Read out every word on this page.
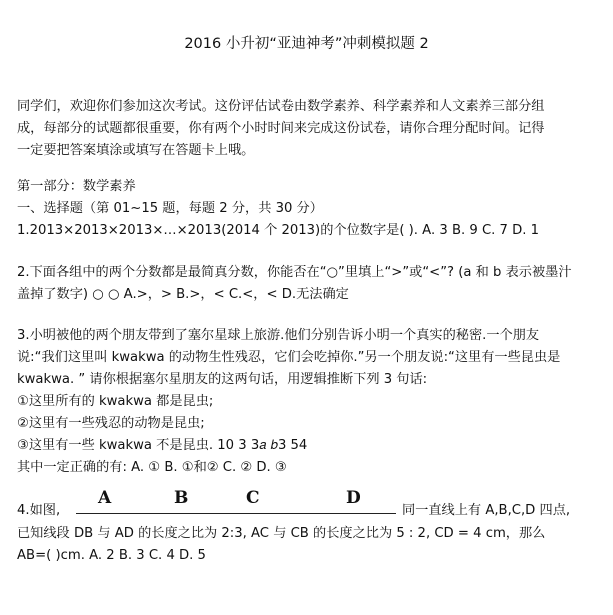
2016 小升初“亚迪神考”冲刺模拟题 2
同学们，欢迎你们参加这次考试。这份评估试卷由数学素养、科学素养和人文素养三部分组
成，每部分的试题都很重要，你有两个小时时间来完成这份试卷，请你合理分配时间。记得
一定要把答案填涂或填写在答题卡上哦。
第一部分：数学素养
一、选择题（第 01~15 题，每题 2 分，共 30 分）
1.2013×2013×2013×…×2013(2014 个 2013)的个位数字是( ). A. 3 B. 9 C. 7 D. 1
2.下面各组中的两个分数都是最简真分数，你能否在“○”里填上“>”或“<”? (a 和 b 表示被墨汁
盖掉了数字) ○ ○ A.>，> B.>，< C.<，< D.无法确定
3.小明被他的两个朋友带到了塞尔星球上旅游.他们分别告诉小明一个真实的秘密.一个朋友
说:“我们这里叫 kwakwa 的动物生性残忍，它们会吃掉你.”另一个朋友说:“这里有一些昆虫是
kwakwa. ” 请你根据塞尔星朋友的这两句话，用逻辑推断下列 3 句话:
①这里所有的 kwakwa 都是昆虫;
②这里有一些残忍的动物是昆虫;
③这里有一些 kwakwa 不是昆虫. 10 3 3𝑎 𝑏3 54
其中一定正确的有: A. ① B. ①和② C. ② D. ③
4.如图,
A	B	C	D
同一直线上有 A,B,C,D 四点,
已知线段 DB 与 AD 的长度之比为 2:3, AC 与 CB 的长度之比为 5 : 2, CD = 4 cm，那么
AB=( )cm. A. 2 B. 3 C. 4 D. 5
